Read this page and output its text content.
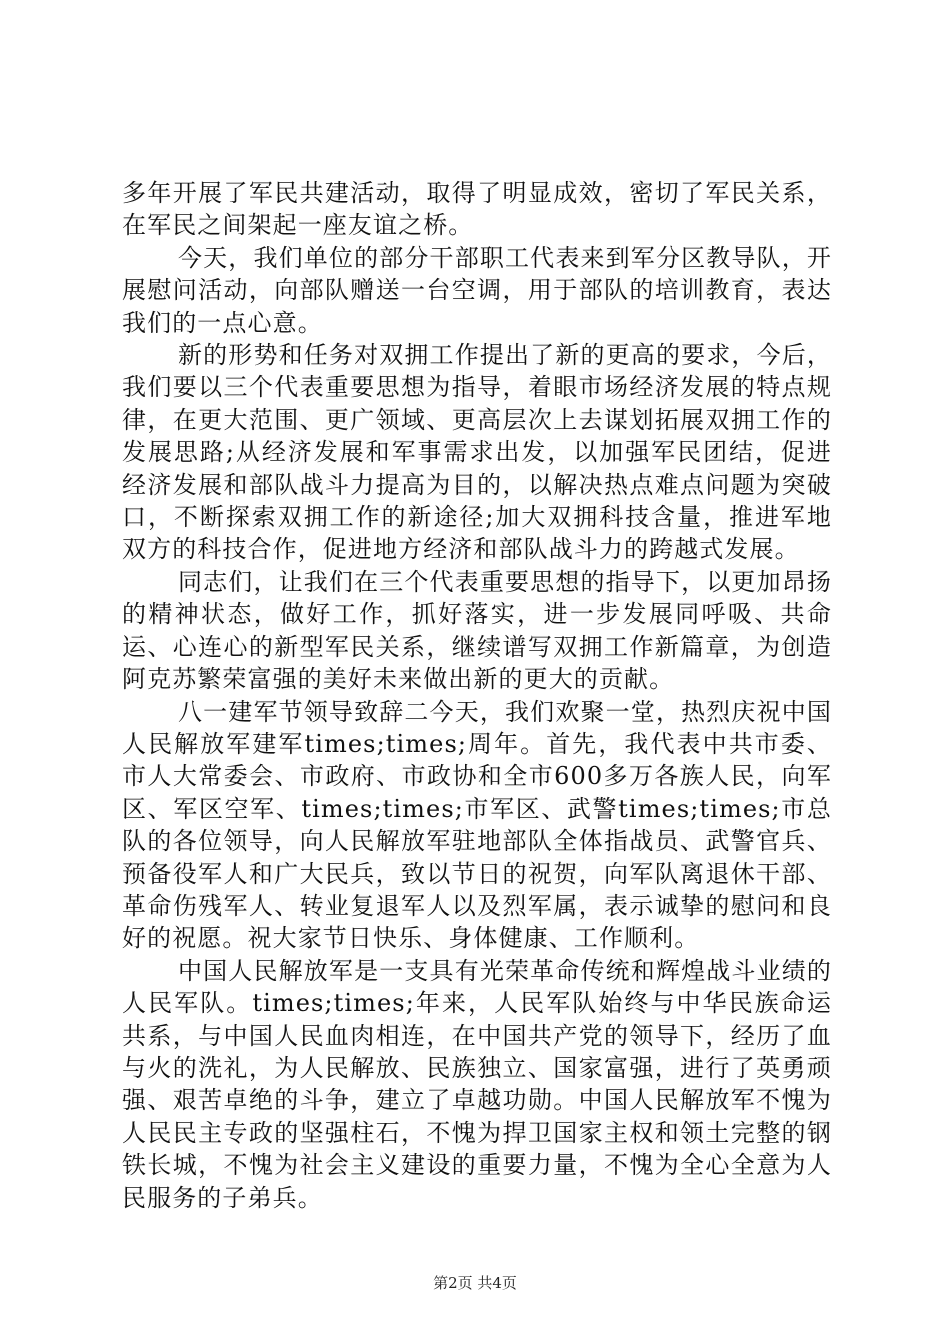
多年开展了军民共建活动，取得了明显成效，密切了军民关系，在军民之间架起一座友谊之桥。

今天，我们单位的部分干部职工代表来到军分区教导队，开展慰问活动，向部队赠送一台空调，用于部队的培训教育，表达我们的一点心意。

新的形势和任务对双拥工作提出了新的更高的要求，今后，我们要以三个代表重要思想为指导，着眼市场经济发展的特点规律，在更大范围、更广领域、更高层次上去谋划拓展双拥工作的发展思路;从经济发展和军事需求出发，以加强军民团结，促进经济发展和部队战斗力提高为目的，以解决热点难点问题为突破口，不断探索双拥工作的新途径;加大双拥科技含量，推进军地双方的科技合作，促进地方经济和部队战斗力的跨越式发展。

同志们，让我们在三个代表重要思想的指导下，以更加昂扬的精神状态，做好工作，抓好落实，进一步发展同呼吸、共命运、心连心的新型军民关系，继续谱写双拥工作新篇章，为创造阿克苏繁荣富强的美好未来做出新的更大的贡献。

八一建军节领导致辞二今天，我们欢聚一堂，热烈庆祝中国人民解放军建军times;times;周年。首先，我代表中共市委、市人大常委会、市政府、市政协和全市600多万各族人民，向军区、军区空军、times;times;市军区、武警times;times;市总队的各位领导，向人民解放军驻地部队全体指战员、武警官兵、预备役军人和广大民兵，致以节日的祝贺，向军队离退休干部、革命伤残军人、转业复退军人以及烈军属，表示诚挚的慰问和良好的祝愿。祝大家节日快乐、身体健康、工作顺利。

中国人民解放军是一支具有光荣革命传统和辉煌战斗业绩的人民军队。times;times;年来，人民军队始终与中华民族命运共系，与中国人民血肉相连，在中国共产党的领导下，经历了血与火的洗礼，为人民解放、民族独立、国家富强，进行了英勇顽强、艰苦卓绝的斗争，建立了卓越功勋。中国人民解放军不愧为人民民主专政的坚强柱石，不愧为捍卫国家主权和领土完整的钢铁长城，不愧为社会主义建设的重要力量，不愧为全心全意为人民服务的子弟兵。

第2页 共4页
